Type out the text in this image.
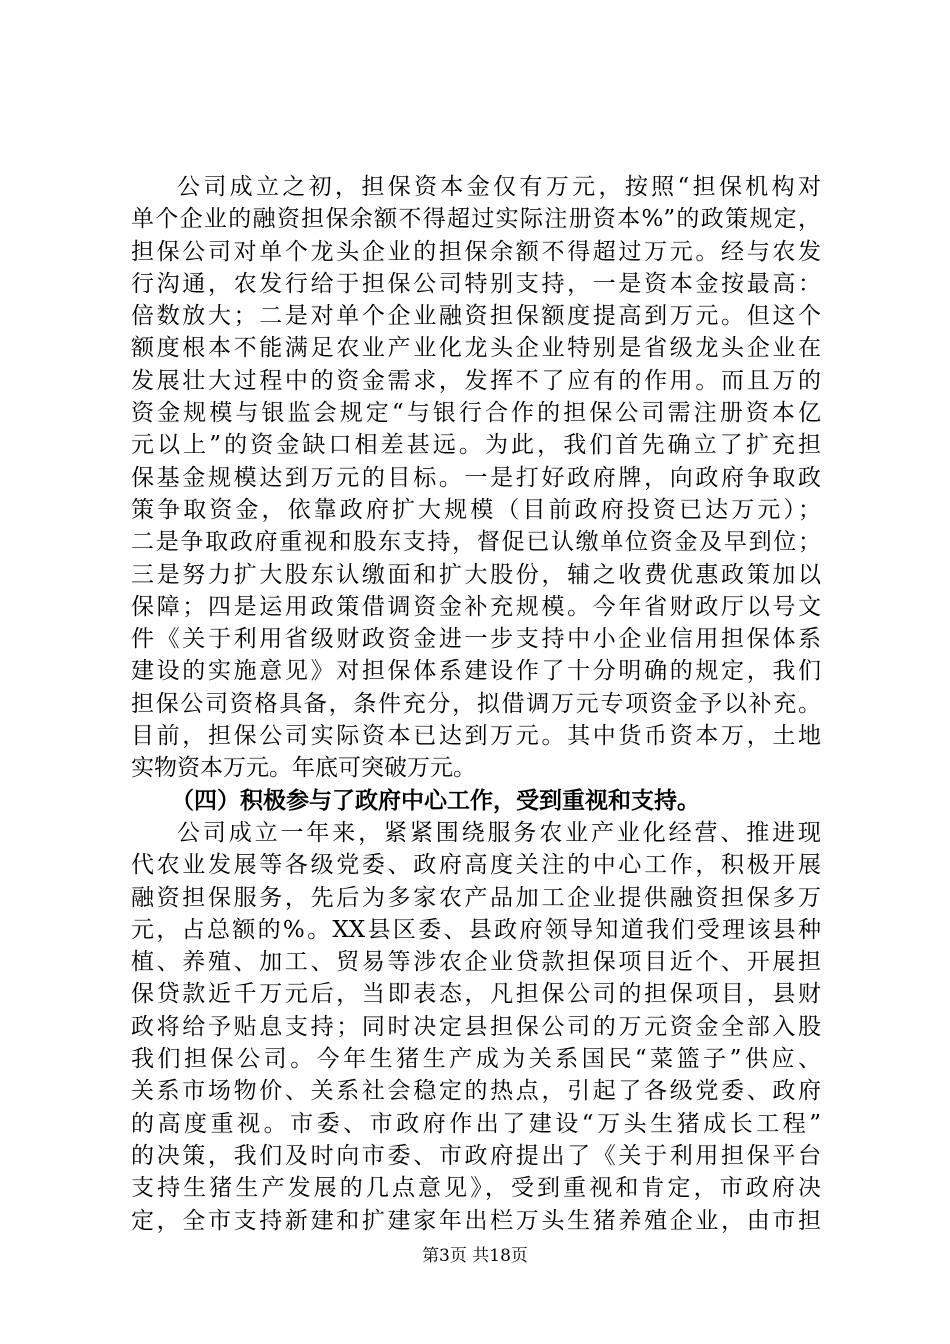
公司成立之初，担保资本金仅有万元，按照“担保机构对
单个企业的融资担保余额不得超过实际注册资本%”的政策规定，
担保公司对单个龙头企业的担保余额不得超过万元。经与农发
行沟通，农发行给于担保公司特别支持，一是资本金按最高：
倍数放大；二是对单个企业融资担保额度提高到万元。但这个
额度根本不能满足农业产业化龙头企业特别是省级龙头企业在
发展壮大过程中的资金需求，发挥不了应有的作用。而且万的
资金规模与银监会规定“与银行合作的担保公司需注册资本亿
元以上”的资金缺口相差甚远。为此，我们首先确立了扩充担
保基金规模达到万元的目标。一是打好政府牌，向政府争取政
策争取资金，依靠政府扩大规模（目前政府投资已达万元）；
二是争取政府重视和股东支持，督促已认缴单位资金及早到位；
三是努力扩大股东认缴面和扩大股份，辅之收费优惠政策加以
保障；四是运用政策借调资金补充规模。今年省财政厅以号文
件《关于利用省级财政资金进一步支持中小企业信用担保体系
建设的实施意见》对担保体系建设作了十分明确的规定，我们
担保公司资格具备，条件充分，拟借调万元专项资金予以补充。
目前，担保公司实际资本已达到万元。其中货币资本万，土地
实物资本万元。年底可突破万元。
（四）积极参与了政府中心工作，受到重视和支持。
公司成立一年来，紧紧围绕服务农业产业化经营、推进现
代农业发展等各级党委、政府高度关注的中心工作，积极开展
融资担保服务，先后为多家农产品加工企业提供融资担保多万
元，占总额的%。XX县区委、县政府领导知道我们受理该县种
植、养殖、加工、贸易等涉农企业贷款担保项目近个、开展担
保贷款近千万元后，当即表态，凡担保公司的担保项目，县财
政将给予贴息支持；同时决定县担保公司的万元资金全部入股
我们担保公司。今年生猪生产成为关系国民“菜篮子”供应、
关系市场物价、关系社会稳定的热点，引起了各级党委、政府
的高度重视。市委、市政府作出了建设“万头生猪成长工程”
的决策，我们及时向市委、市政府提出了《关于利用担保平台
支持生猪生产发展的几点意见》，受到重视和肯定，市政府决
定，全市支持新建和扩建家年出栏万头生猪养殖企业，由市担
第3页 共18页
